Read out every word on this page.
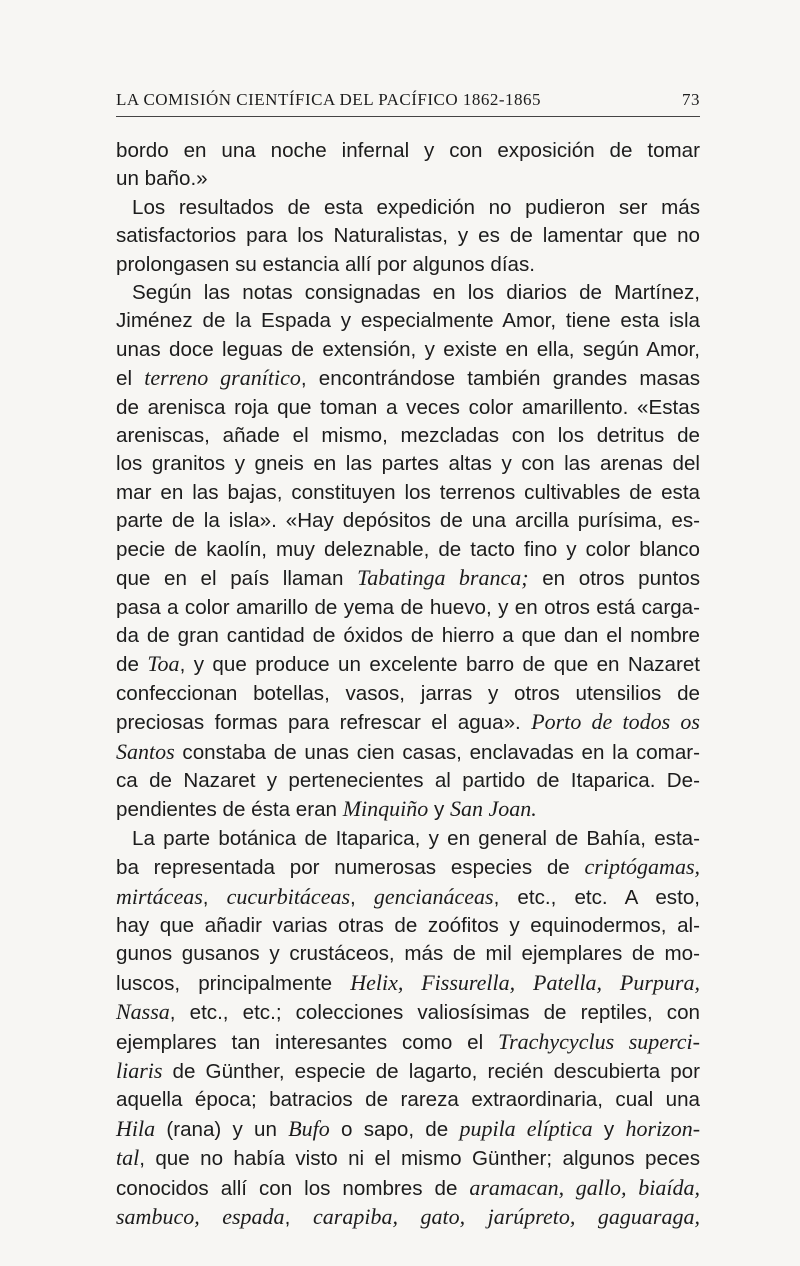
LA COMISIÓN CIENTÍFICA DEL PACÍFICO 1862-1865	73
bordo en una noche infernal y con exposición de tomar
un baño.»
Los resultados de esta expedición no pudieron ser más
satisfactorios para los Naturalistas, y es de lamentar que no
prolongasen su estancia allí por algunos días.
Según las notas consignadas en los diarios de Martínez,
Jiménez de la Espada y especialmente Amor, tiene esta isla
unas doce leguas de extensión, y existe en ella, según Amor,
el terreno granítico, encontrándose también grandes masas
de arenisca roja que toman a veces color amarillento. «Estas
areniscas, añade el mismo, mezcladas con los detritus de
los granitos y gneis en las partes altas y con las arenas del
mar en las bajas, constituyen los terrenos cultivables de esta
parte de la isla». «Hay depósitos de una arcilla purísima, es-
pecie de kaolín, muy deleznable, de tacto fino y color blanco
que en el país llaman Tabatinga branca; en otros puntos
pasa a color amarillo de yema de huevo, y en otros está carga-
da de gran cantidad de óxidos de hierro a que dan el nombre
de Toa, y que produce un excelente barro de que en Nazaret
confeccionan botellas, vasos, jarras y otros utensilios de
preciosas formas para refrescar el agua». Porto de todos os
Santos constaba de unas cien casas, enclavadas en la comar-
ca de Nazaret y pertenecientes al partido de Itaparica. De-
pendientes de ésta eran Minquiño y San Joan.
La parte botánica de Itaparica, y en general de Bahía, esta-
ba representada por numerosas especies de criptógamas,
mirtáceas, cucurbitáceas, gencianáceas, etc., etc. A esto,
hay que añadir varias otras de zoófitos y equinodermos, al-
gunos gusanos y crustáceos, más de mil ejemplares de mo-
luscos, principalmente Helix, Fissurella, Patella, Purpura,
Nassa, etc., etc.; colecciones valiosísimas de reptiles, con
ejemplares tan interesantes como el Trachycyclus superci-
liaris de Günther, especie de lagarto, recién descubierta por
aquella época; batracios de rareza extraordinaria, cual una
Hila (rana) y un Bufo o sapo, de pupila elíptica y horizon-
tal, que no había visto ni el mismo Günther; algunos peces
conocidos allí con los nombres de aramacan, gallo, biaída,
sambuco, espada, carapiba, gato, jarúpreto, gaguaraga,
